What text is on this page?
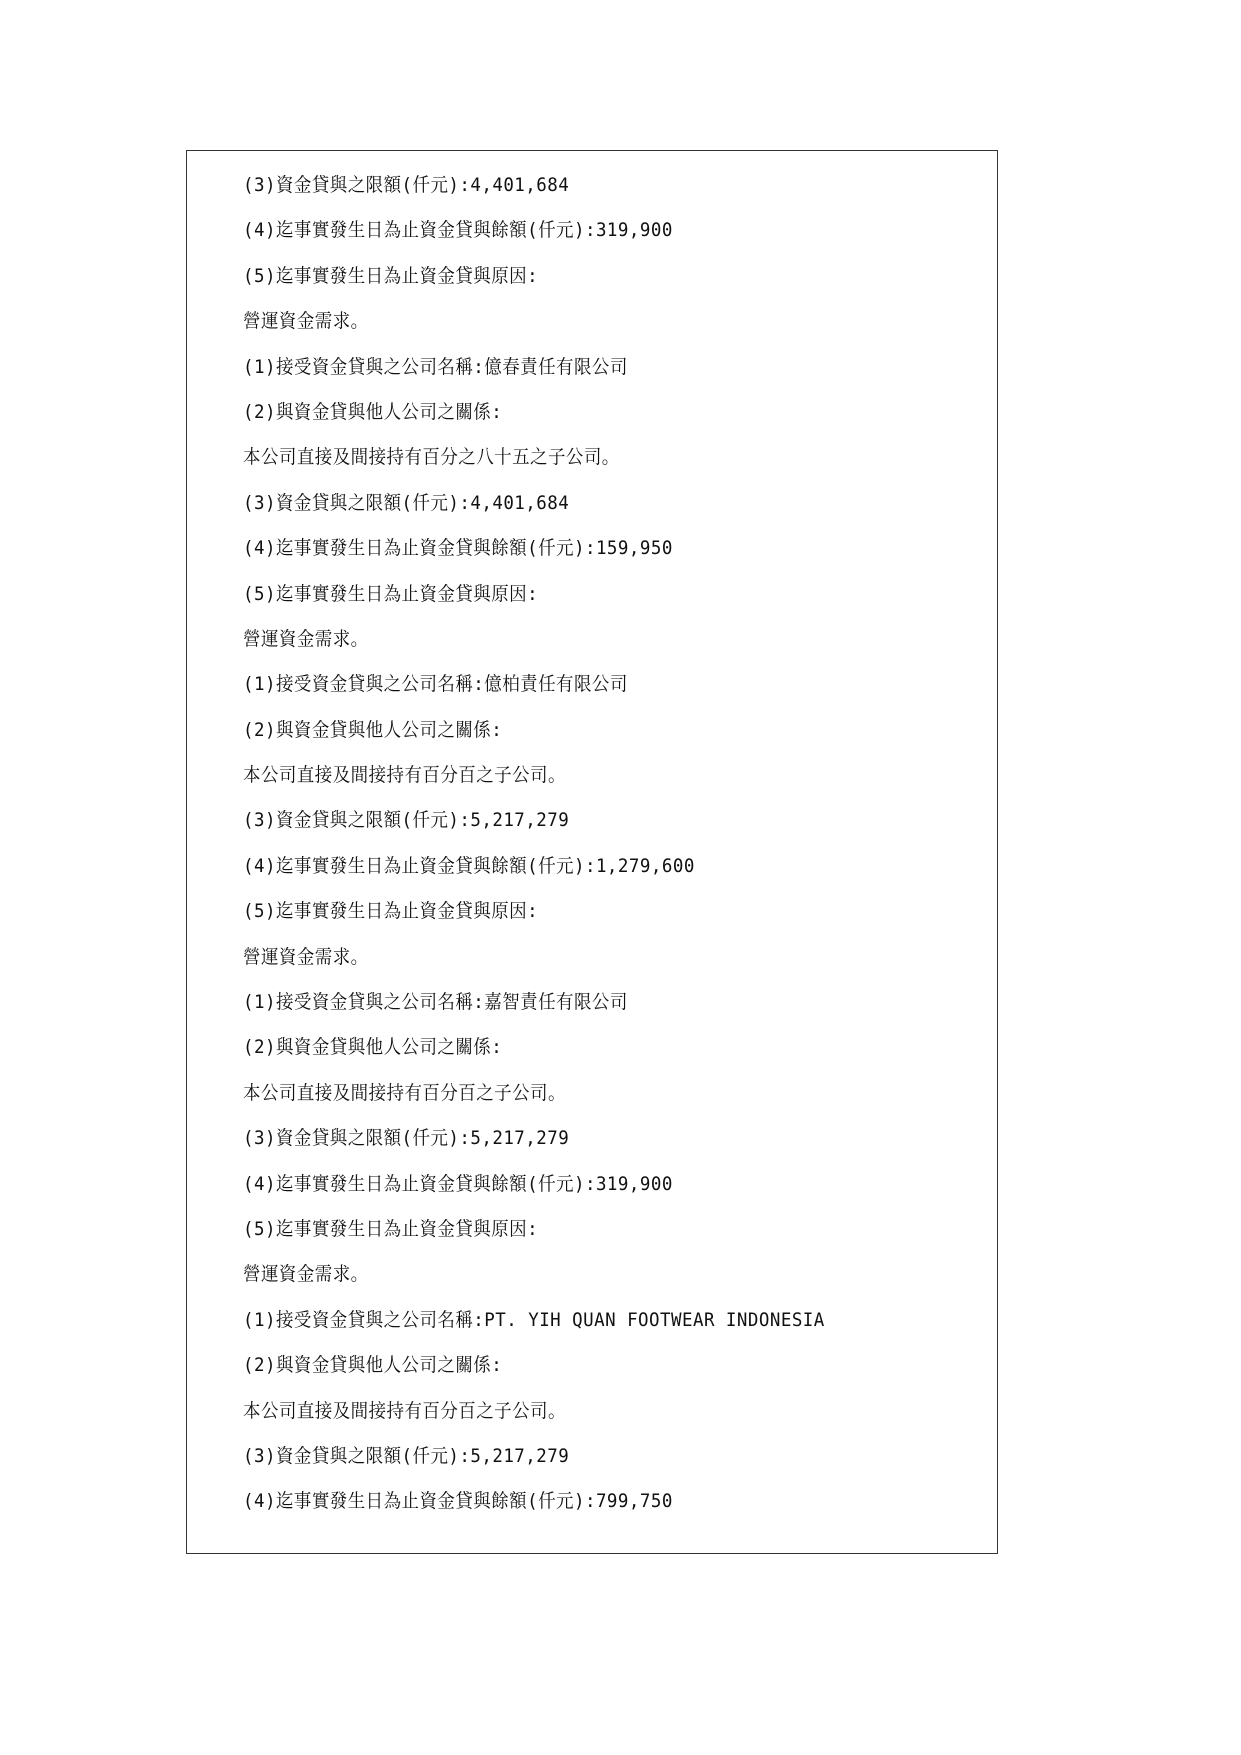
(3)資金貸與之限額(仟元):4,401,684
(4)迄事實發生日為止資金貸與餘額(仟元):319,900
(5)迄事實發生日為止資金貸與原因:
營運資金需求。
(1)接受資金貸與之公司名稱:億春責任有限公司
(2)與資金貸與他人公司之關係:
本公司直接及間接持有百分之八十五之子公司。
(3)資金貸與之限額(仟元):4,401,684
(4)迄事實發生日為止資金貸與餘額(仟元):159,950
(5)迄事實發生日為止資金貸與原因:
營運資金需求。
(1)接受資金貸與之公司名稱:億柏責任有限公司
(2)與資金貸與他人公司之關係:
本公司直接及間接持有百分百之子公司。
(3)資金貸與之限額(仟元):5,217,279
(4)迄事實發生日為止資金貸與餘額(仟元):1,279,600
(5)迄事實發生日為止資金貸與原因:
營運資金需求。
(1)接受資金貸與之公司名稱:嘉智責任有限公司
(2)與資金貸與他人公司之關係:
本公司直接及間接持有百分百之子公司。
(3)資金貸與之限額(仟元):5,217,279
(4)迄事實發生日為止資金貸與餘額(仟元):319,900
(5)迄事實發生日為止資金貸與原因:
營運資金需求。
(1)接受資金貸與之公司名稱:PT. YIH QUAN FOOTWEAR INDONESIA
(2)與資金貸與他人公司之關係:
本公司直接及間接持有百分百之子公司。
(3)資金貸與之限額(仟元):5,217,279
(4)迄事實發生日為止資金貸與餘額(仟元):799,750
